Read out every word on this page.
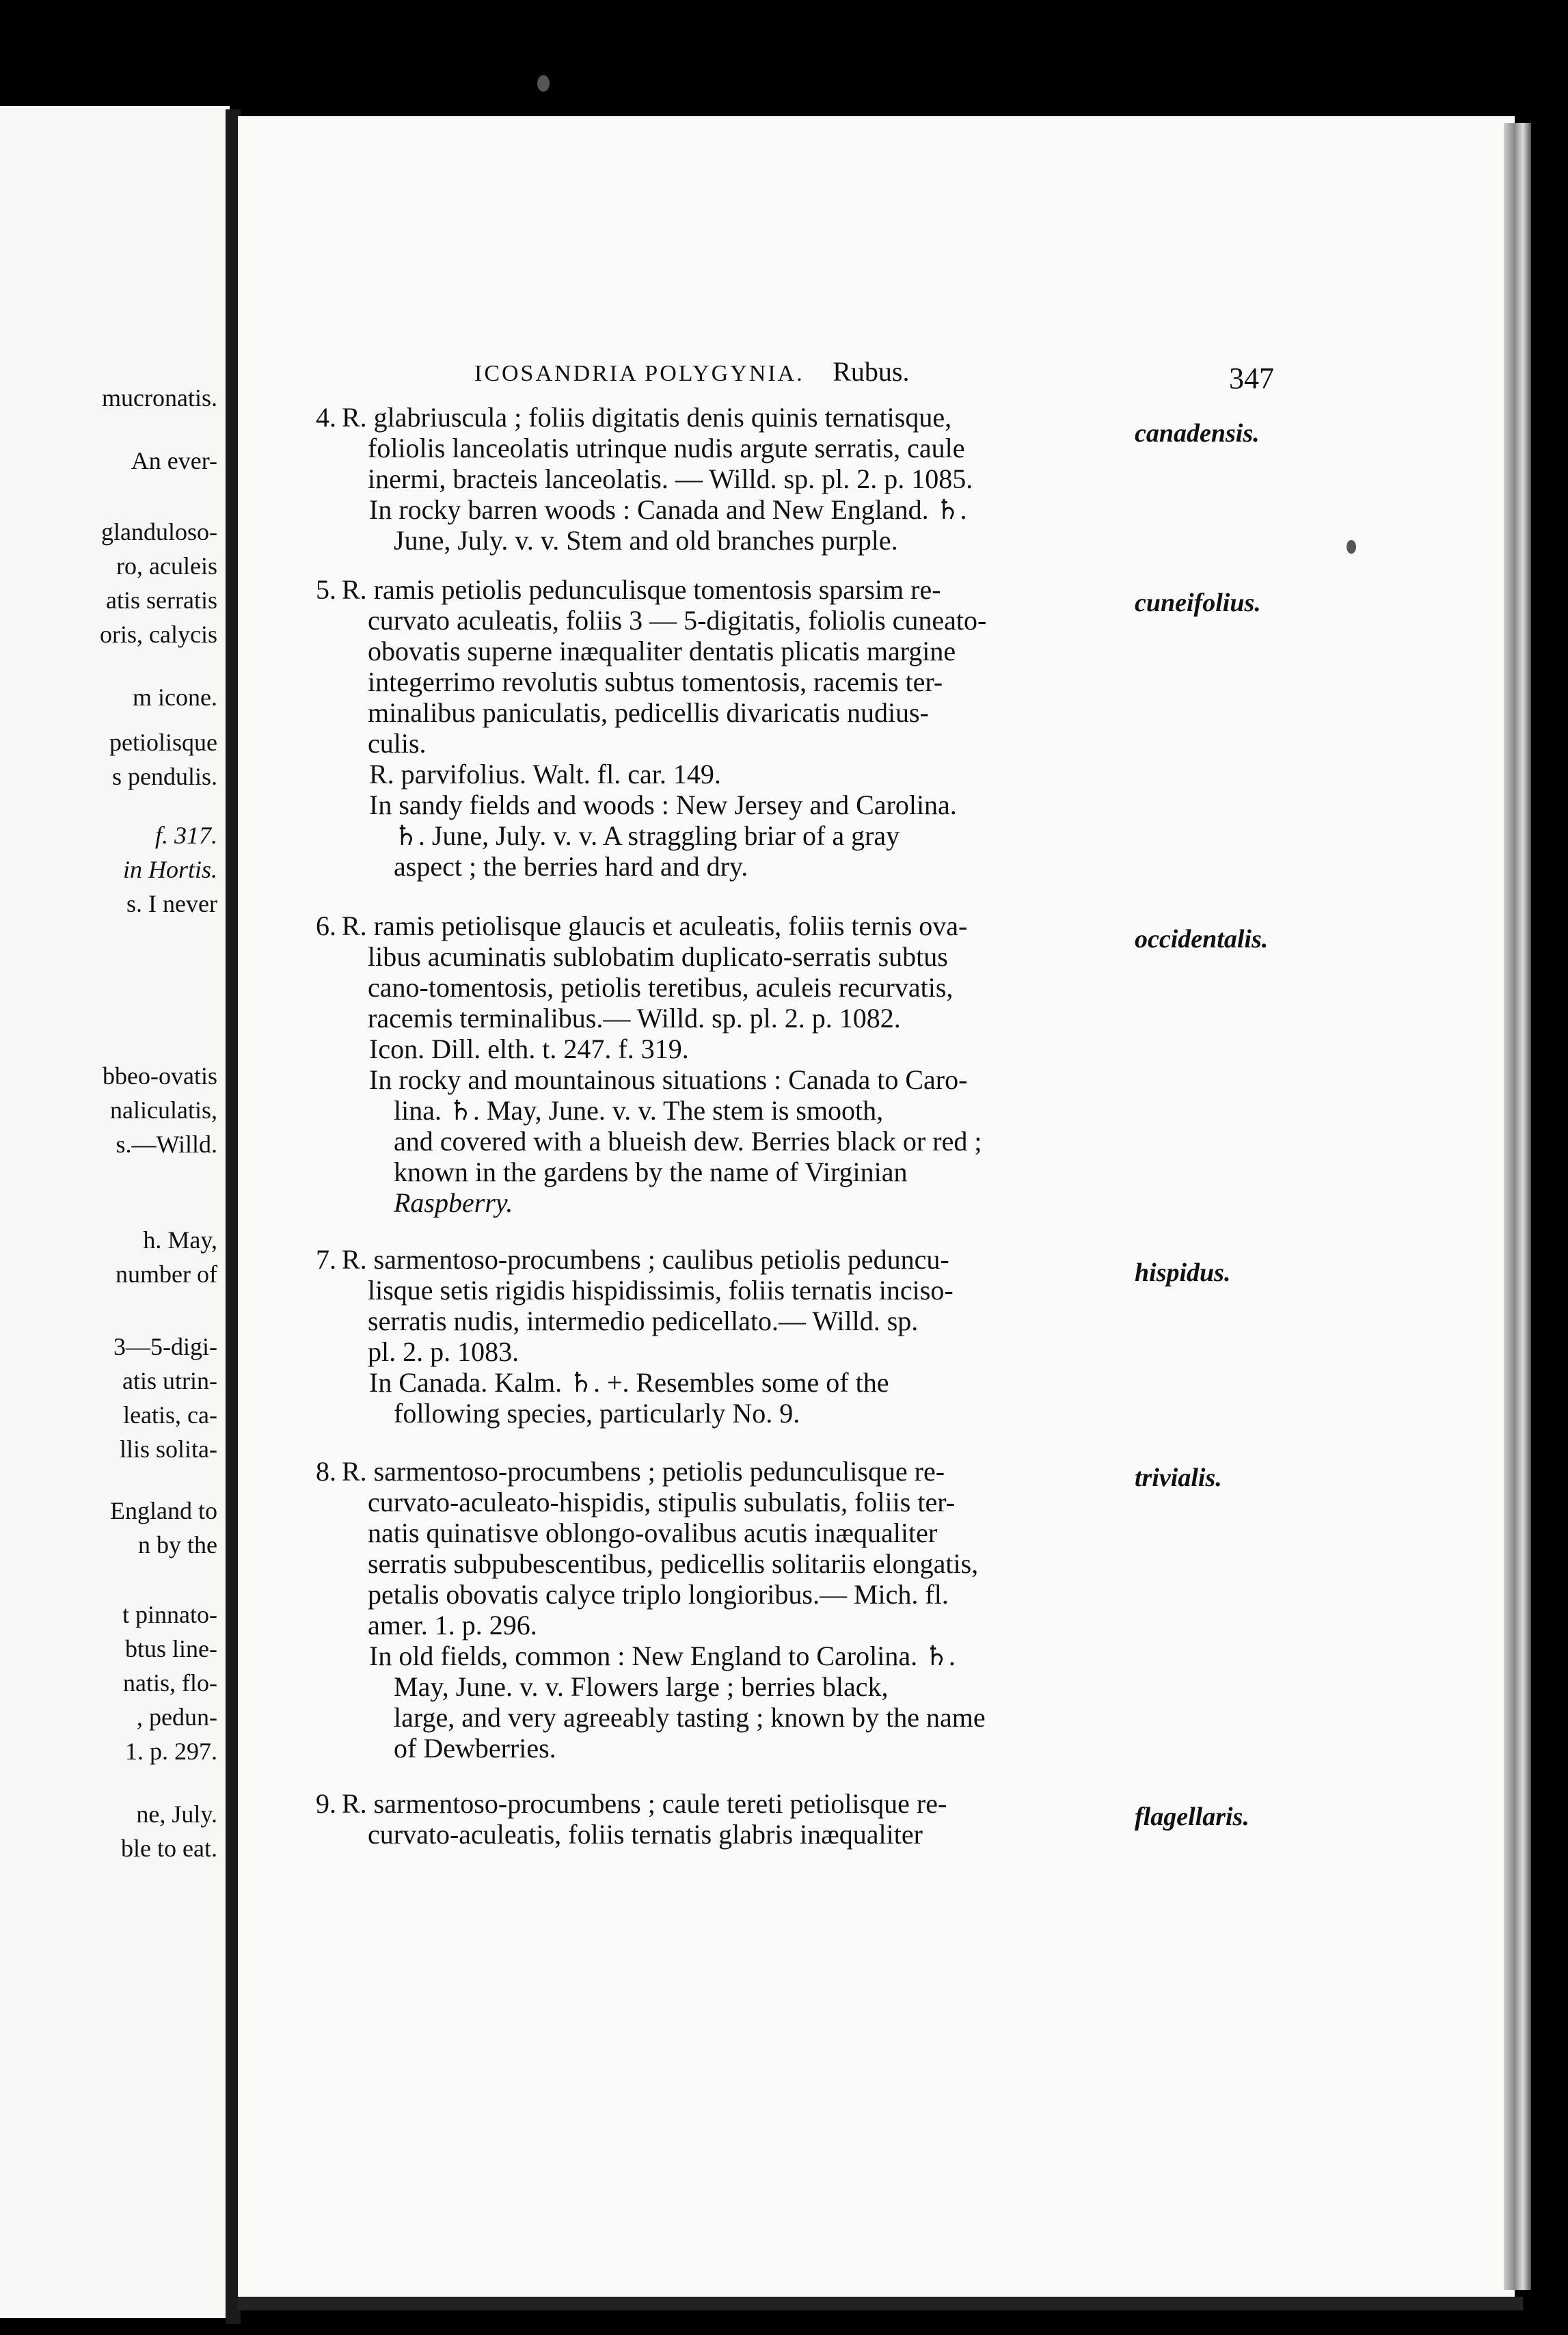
mucronatis.
An ever-
glanduloso-
ro, aculeis
atis serratis
oris, calycis
m icone.
petiolisque
s pendulis.
f. 317.
in Hortis.
s. I never
bbeo-ovatis
naliculatis,
s.—Willd.
h. May,
number of
3—5-digi-
atis utrin-
leatis, ca-
llis solita-
England to
n by the
t pinnato-
btus line-
natis, flo-
, pedun-
1. p. 297.
ne, July.
ble to eat.
ICOSANDRIA POLYGYNIA. Rubus.	347
4. R. glabriuscula ; foliis digitatis denis quinis ternatisque,
foliolis lanceolatis utrinque nudis argute serratis, caule
inermi, bracteis lanceolatis. — Willd. sp. pl. 2. p. 1085.
In rocky barren woods : Canada and New England. ♄.
June, July. v. v. Stem and old branches purple.
canadensis.
5. R. ramis petiolis pedunculisque tomentosis sparsim re-
curvato aculeatis, foliis 3 — 5-digitatis, foliolis cuneato-
obovatis superne inæqualiter dentatis plicatis margine
integerrimo revolutis subtus tomentosis, racemis ter-
minalibus paniculatis, pedicellis divaricatis nudius-
culis.
R. parvifolius. Walt. fl. car. 149.
In sandy fields and woods : New Jersey and Carolina.
♄. June, July. v. v. A straggling briar of a gray
aspect ; the berries hard and dry.
cuneifolius.
6. R. ramis petiolisque glaucis et aculeatis, foliis ternis ova-
libus acuminatis sublobatim duplicato-serratis subtus
cano-tomentosis, petiolis teretibus, aculeis recurvatis,
racemis terminalibus.— Willd. sp. pl. 2. p. 1082.
Icon. Dill. elth. t. 247. f. 319.
In rocky and mountainous situations : Canada to Caro-
lina. ♄. May, June. v. v. The stem is smooth,
and covered with a blueish dew. Berries black or red ;
known in the gardens by the name of Virginian
Raspberry.
occidentalis.
7. R. sarmentoso-procumbens ; caulibus petiolis peduncu-
lisque setis rigidis hispidissimis, foliis ternatis inciso-
serratis nudis, intermedio pedicellato.— Willd. sp.
pl. 2. p. 1083.
In Canada. Kalm. ♄. +. Resembles some of the
following species, particularly No. 9.
hispidus.
8. R. sarmentoso-procumbens ; petiolis pedunculisque re-
curvato-aculeato-hispidis, stipulis subulatis, foliis ter-
natis quinatisve oblongo-ovalibus acutis inæqualiter
serratis subpubescentibus, pedicellis solitariis elongatis,
petalis obovatis calyce triplo longioribus.— Mich. fl.
amer. 1. p. 296.
In old fields, common : New England to Carolina. ♄.
May, June. v. v. Flowers large ; berries black,
large, and very agreeably tasting ; known by the name
of Dewberries.
trivialis.
9. R. sarmentoso-procumbens ; caule tereti petiolisque re-
curvato-aculeatis, foliis ternatis glabris inæqualiter
flagellaris.
